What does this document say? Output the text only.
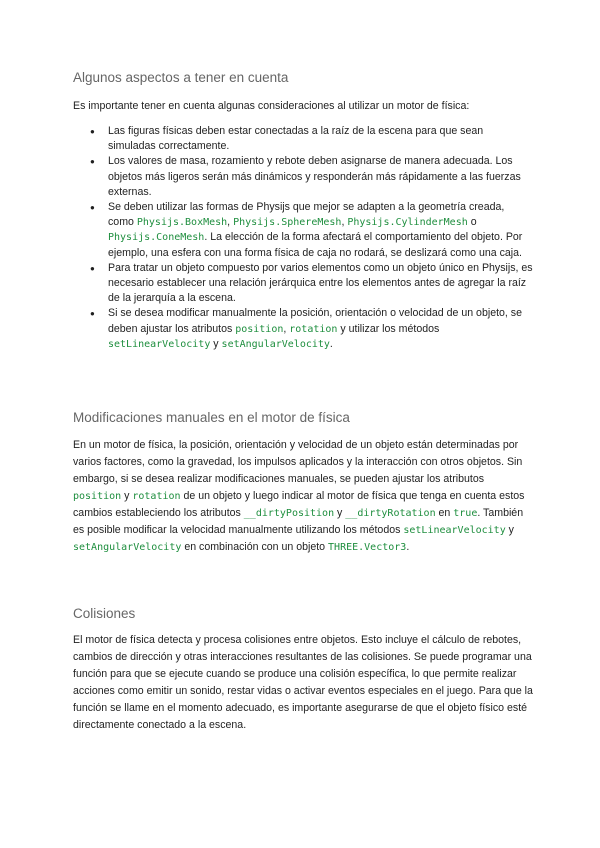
Algunos aspectos a tener en cuenta

Es importante tener en cuenta algunas consideraciones al utilizar un motor de física:

● Las figuras físicas deben estar conectadas a la raíz de la escena para que sean simuladas correctamente.
● Los valores de masa, rozamiento y rebote deben asignarse de manera adecuada. Los objetos más ligeros serán más dinámicos y responderán más rápidamente a las fuerzas externas.
● Se deben utilizar las formas de Physijs que mejor se adapten a la geometría creada, como Physijs.BoxMesh, Physijs.SphereMesh, Physijs.CylinderMesh o Physijs.ConeMesh. La elección de la forma afectará el comportamiento del objeto. Por ejemplo, una esfera con una forma física de caja no rodará, se deslizará como una caja.
● Para tratar un objeto compuesto por varios elementos como un objeto único en Physijs, es necesario establecer una relación jerárquica entre los elementos antes de agregar la raíz de la jerarquía a la escena.
● Si se desea modificar manualmente la posición, orientación o velocidad de un objeto, se deben ajustar los atributos position, rotation y utilizar los métodos setLinearVelocity y setAngularVelocity.
Modificaciones manuales en el motor de física

En un motor de física, la posición, orientación y velocidad de un objeto están determinadas por varios factores, como la gravedad, los impulsos aplicados y la interacción con otros objetos. Sin embargo, si se desea realizar modificaciones manuales, se pueden ajustar los atributos position y rotation de un objeto y luego indicar al motor de física que tenga en cuenta estos cambios estableciendo los atributos __dirtyPosition y __dirtyRotation en true. También es posible modificar la velocidad manualmente utilizando los métodos setLinearVelocity y setAngularVelocity en combinación con un objeto THREE.Vector3.

Colisiones

El motor de física detecta y procesa colisiones entre objetos. Esto incluye el cálculo de rebotes, cambios de dirección y otras interacciones resultantes de las colisiones. Se puede programar una función para que se ejecute cuando se produce una colisión específica, lo que permite realizar acciones como emitir un sonido, restar vidas o activar eventos especiales en el juego. Para que la función se llame en el momento adecuado, es importante asegurarse de que el objeto físico esté directamente conectado a la escena.
